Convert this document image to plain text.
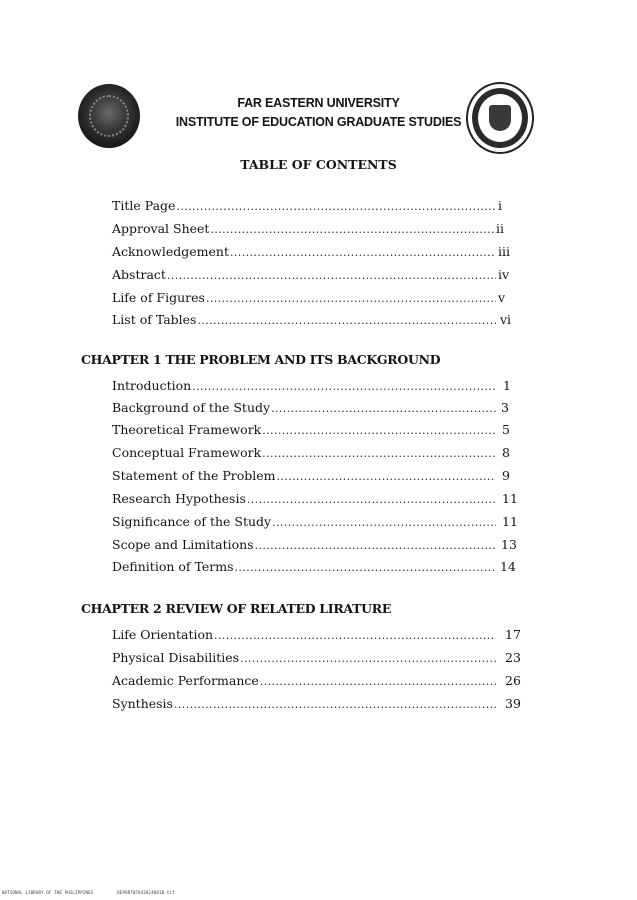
FAR EASTERN UNIVERSITY

INSTITUTE OF EDUCATION GRADUATE STUDIES

TABLE OF CONTENTS

Title Page .....	i
Approval Sheet .....	ii
Acknowledgement .....	iii
Abstract .....	iv
Life of Figures .....	v
List of Tables .....	vi

CHAPTER 1 THE PROBLEM AND ITS BACKGROUND

Introduction .....	1
Background of the Study .....	3
Theoretical Framework .....	5
Conceptual Framework .....	8
Statement of the Problem .....	9
Research Hypothesis .....	11
Significance of the Study .....	11
Scope and Limitations .....	13
Definition of Terms .....	14

CHAPTER 2 REVIEW OF RELATED LIRATURE

Life Orientation .....	17
Physical Disabilities .....	23
Academic Performance .....	26
Synthesis .....	39
NATIONAL LIBRARY OF THE PHILIPPINES	REPORT07042014001B.tif
